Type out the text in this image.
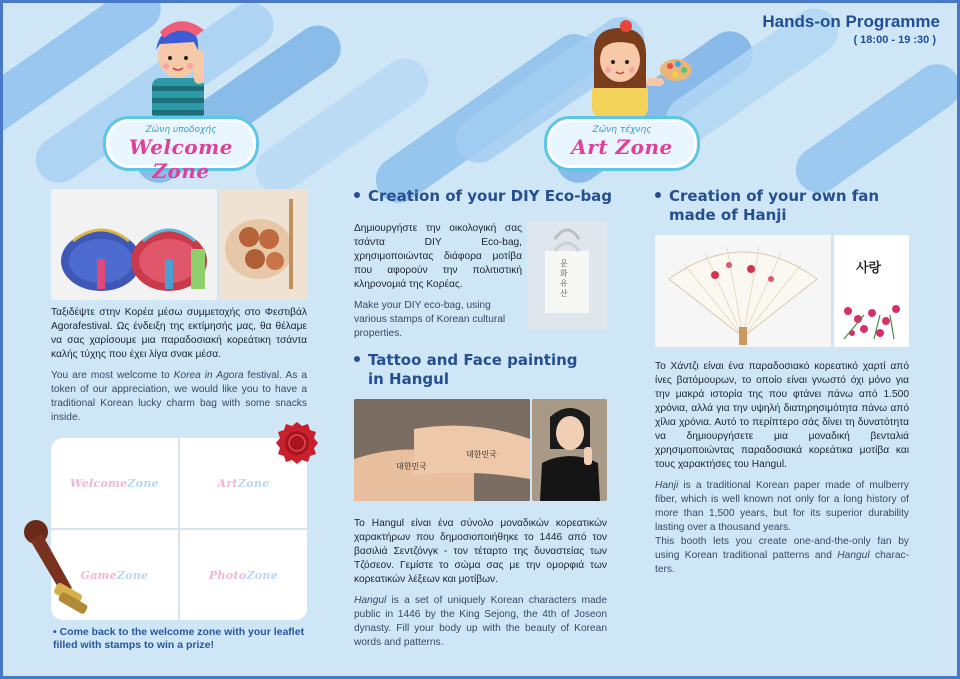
Hands-on Programme
( 18:00 - 19 :30 )
Ζώνη υποδοχής
Welcome Zone
Ζώνη τέχνης
Art Zone

Ταξιδέψτε στην Κορέα μέσω συμμετοχής στο Φεστιβάλ Agorafestival. Ως ένδειξη της εκτίμησής μας, θα θέλαμε να σας χαρίσουμε μια παραδοσιακή κορεάτικη τσάντα καλής τύχης που έχει λίγα σνακ μέσα.

You are most welcome to Korea in Agora festival. As a token of our appreciation, we would like you to have a traditional Korean lucky charm bag with some snacks inside.

Welcome Zone	Art Zone
Game Zone	Photo Zone
• Come back to the welcome zone with your leaflet filled with stamps to win a prize!
Creation of your DIY Eco-bag

Δημιουργήστε την οικολογική σας τσάντα DIY Eco-bag, χρησιμοποιώντας διάφορα μοτίβα που αφορούν την πολιτιστική κληρονομιά της Κορέας.

Make your DIY eco-bag, using various stamps of Korean cultural properties.

문
화
유
산
Tattoo and Face painting
in Hangul
대한민국
대한민국

Το Hangul είναι ένα σύνολο μοναδικών κορεατικών χαρακτήρων που δημοσιοποιήθηκε το 1446 από τον βασιλιά Σεντζόνγκ - τον τέταρτο της δυναστείας των Τζόσεον. Γεμίστε το σώμα σας με την ομορφιά των κορεατικών λέξεων και μοτίβων.

Hangul is a set of uniquely Korean characters made public in 1446 by the King Sejong, the 4th of Joseon dynasty. Fill your body up with the beauty of Korean words and patterns.

Creation of your own fan
made of Hanji
사랑

Το Χάντζι είναι ένα παραδοσιακό κορεατικό χαρτί από ίνες βατόμουρων, το οποίο είναι γνωστό όχι μόνο για την μακρά ιστορία της που φτάνει πάνω από 1.500 χρόνια, αλλά για την υψηλή διατηρησιμότητα πάνω από χίλια χρόνια. Αυτό το περίπτερο σάς δίνει τη δυνατότητα να δημιουργήσετε μια μοναδική βενταλιά χρησιμοποιώντας παραδοσιακά κορεάτικα μοτίβα και τους χαρακτήσες του Hangul.

Hanji is a traditional Korean paper made of mulberry fiber, which is well known not only for a long history of more than 1,500 years, but for its superior durability lasting over a thousand years.

This booth lets you create one-and-the-only fan by using Korean traditional patterns and Hangul charac-ters.
